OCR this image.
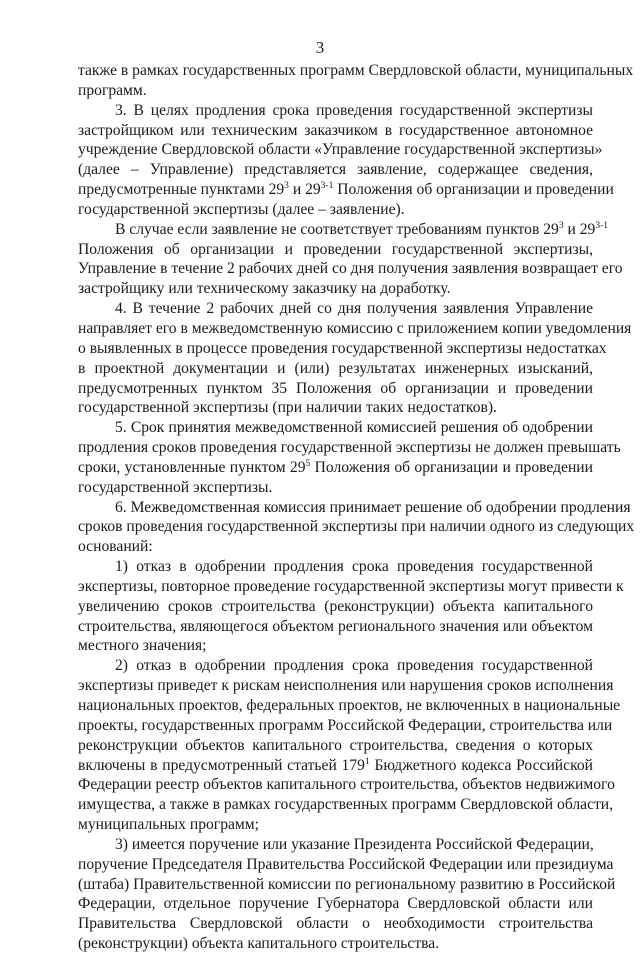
3
также в рамках государственных программ Свердловской области, муниципальных
программ.
3. В целях продления срока проведения государственной экспертизы
застройщиком или техническим заказчиком в государственное автономное
учреждение Свердловской области «Управление государственной экспертизы»
(далее – Управление) представляется заявление, содержащее сведения,
предусмотренные пунктами $29^3$ и 29$^{3-1}$ Положения об организации и проведении
государственной экспертизы (далее – заявление).
В случае если заявление не соответствует требованиям пунктов $29^3$ и 29$^{3-1}$
Положения об организации и проведении государственной экспертизы,
Управление в течение 2 рабочих дней со дня получения заявления возвращает его
застройщику или техническому заказчику на доработку.
4. В течение 2 рабочих дней со дня получения заявления Управление
направляет его в межведомственную комиссию с приложением копии уведомления
о выявленных в процессе проведения государственной экспертизы недостатках
в проектной документации и (или) результатах инженерных изысканий,
предусмотренных пунктом 35 Положения об организации и проведении
государственной экспертизы (при наличии таких недостатков).
5. Срок принятия межведомственной комиссией решения об одобрении
продления сроков проведения государственной экспертизы не должен превышать
сроки, установленные пунктом $29^5$ Положения об организации и проведении
государственной экспертизы.
6. Межведомственная комиссия принимает решение об одобрении продления
сроков проведения государственной экспертизы при наличии одного из следующих
оснований:
1) отказ в одобрении продления срока проведения государственной
экспертизы, повторное проведение государственной экспертизы могут привести к
увеличению сроков строительства (реконструкции) объекта капитального
строительства, являющегося объектом регионального значения или объектом
местного значения;
2) отказ в одобрении продления срока проведения государственной
экспертизы приведет к рискам неисполнения или нарушения сроков исполнения
национальных проектов, федеральных проектов, не включенных в национальные
проекты, государственных программ Российской Федерации, строительства или
реконструкции объектов капитального строительства, сведения о которых
включены в предусмотренный статьей $179^1$ Бюджетного кодекса Российской
Федерации реестр объектов капитального строительства, объектов недвижимого
имущества, а также в рамках государственных программ Свердловской области,
муниципальных программ;
3) имеется поручение или указание Президента Российской Федерации,
поручение Председателя Правительства Российской Федерации или президиума
(штаба) Правительственной комиссии по региональному развитию в Российской
Федерации, отдельное поручение Губернатора Свердловской области или
Правительства Свердловской области о необходимости строительства
(реконструкции) объекта капитального строительства.
